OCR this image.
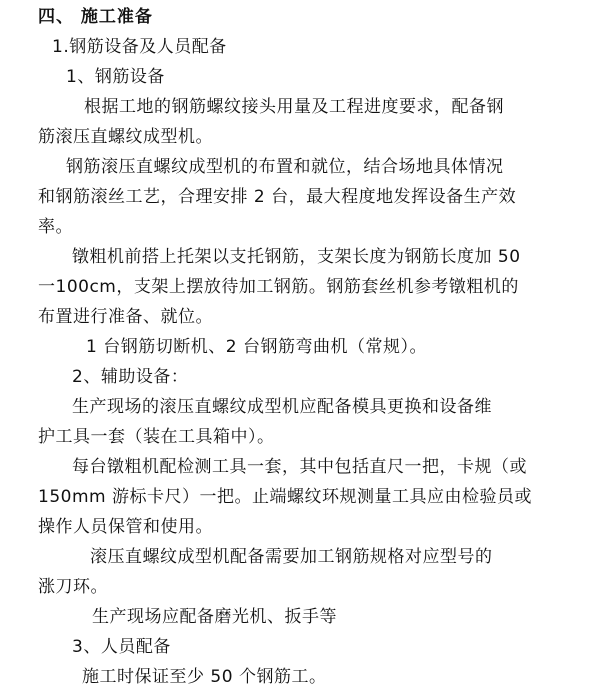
四、 施工准备
1.钢筋设备及人员配备
1、钢筋设备
根据工地的钢筋螺纹接头用量及工程进度要求，配备钢
筋滚压直螺纹成型机。
钢筋滚压直螺纹成型机的布置和就位，结合场地具体情况
和钢筋滚丝工艺，合理安排 2 台，最大程度地发挥设备生产效
率。
镦粗机前搭上托架以支托钢筋，支架长度为钢筋长度加 50
一100cm，支架上摆放待加工钢筋。钢筋套丝机参考镦粗机的
布置进行准备、就位。
1 台钢筋切断机、2 台钢筋弯曲机（常规）。
2、辅助设备：
生产现场的滚压直螺纹成型机应配备模具更换和设备维
护工具一套（装在工具箱中）。
每台镦粗机配检测工具一套，其中包括直尺一把，卡规（或
150mm 游标卡尺）一把。止端螺纹环规测量工具应由检验员或
操作人员保管和使用。
滚压直螺纹成型机配备需要加工钢筋规格对应型号的
涨刀环。
生产现场应配备磨光机、扳手等
3、人员配备
施工时保证至少 50 个钢筋工。
